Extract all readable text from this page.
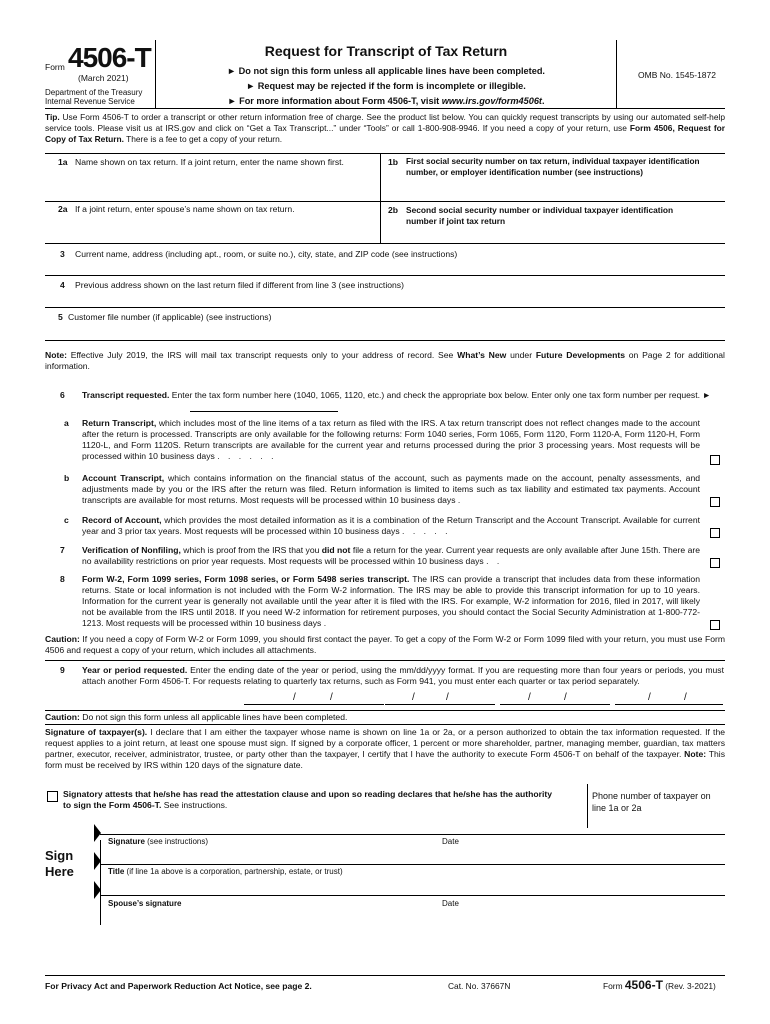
Form 4506-T
(March 2021)
Department of the Treasury
Internal Revenue Service
Request for Transcript of Tax Return
► Do not sign this form unless all applicable lines have been completed.
► Request may be rejected if the form is incomplete or illegible.
► For more information about Form 4506-T, visit www.irs.gov/form4506t.
OMB No. 1545-1872
Tip. Use Form 4506-T to order a transcript or other return information free of charge. See the product list below. You can quickly request transcripts by using our automated self-help service tools. Please visit us at IRS.gov and click on “Get a Tax Transcript...” under “Tools” or call 1-800-908-9946. If you need a copy of your return, use Form 4506, Request for Copy of Tax Return. There is a fee to get a copy of your return.
1a Name shown on tax return. If a joint return, enter the name shown first.	1b First social security number on tax return, individual taxpayer identification number, or employer identification number (see instructions)
2a If a joint return, enter spouse’s name shown on tax return.	2b Second social security number or individual taxpayer identification number if joint tax return
3 Current name, address (including apt., room, or suite no.), city, state, and ZIP code (see instructions)
4 Previous address shown on the last return filed if different from line 3 (see instructions)
5 Customer file number (if applicable) (see instructions)
Note: Effective July 2019, the IRS will mail tax transcript requests only to your address of record. See What’s New under Future Developments on Page 2 for additional information.
6 Transcript requested. Enter the tax form number here (1040, 1065, 1120, etc.) and check the appropriate box below. Enter only one tax form number per request. ►
a Return Transcript, which includes most of the line items of a tax return as filed with the IRS. A tax return transcript does not reflect changes made to the account after the return is processed. Transcripts are only available for the following returns: Form 1040 series, Form 1065, Form 1120, Form 1120-A, Form 1120-H, Form 1120-L, and Form 1120S. Return transcripts are available for the current year and returns processed during the prior 3 processing years. Most requests will be processed within 10 business days . . . . . .
b Account Transcript, which contains information on the financial status of the account, such as payments made on the account, penalty assessments, and adjustments made by you or the IRS after the return was filed. Return information is limited to items such as tax liability and estimated tax payments. Account transcripts are available for most returns. Most requests will be processed within 10 business days .
c Record of Account, which provides the most detailed information as it is a combination of the Return Transcript and the Account Transcript. Available for current year and 3 prior tax years. Most requests will be processed within 10 business days . . . . .
7 Verification of Nonfiling, which is proof from the IRS that you did not file a return for the year. Current year requests are only available after June 15th. There are no availability restrictions on prior year requests. Most requests will be processed within 10 business days . .
8 Form W-2, Form 1099 series, Form 1098 series, or Form 5498 series transcript. The IRS can provide a transcript that includes data from these information returns. State or local information is not included with the Form W-2 information. The IRS may be able to provide this transcript information for up to 10 years. Information for the current year is generally not available until the year after it is filed with the IRS. For example, W-2 information for 2016, filed in 2017, will likely not be available from the IRS until 2018. If you need W-2 information for retirement purposes, you should contact the Social Security Administration at 1-800-772-1213. Most requests will be processed within 10 business days .
Caution: If you need a copy of Form W-2 or Form 1099, you should first contact the payer. To get a copy of the Form W-2 or Form 1099 filed with your return, you must use Form 4506 and request a copy of your return, which includes all attachments.
9 Year or period requested. Enter the ending date of the year or period, using the mm/dd/yyyy format. If you are requesting more than four years or periods, you must attach another Form 4506-T. For requests relating to quarterly tax returns, such as Form 941, you must enter each quarter or tax period separately.
/	/	/	/	/	/	/	/
Caution: Do not sign this form unless all applicable lines have been completed.
Signature of taxpayer(s). I declare that I am either the taxpayer whose name is shown on line 1a or 2a, or a person authorized to obtain the tax information requested. If the request applies to a joint return, at least one spouse must sign. If signed by a corporate officer, 1 percent or more shareholder, partner, managing member, guardian, tax matters partner, executor, receiver, administrator, trustee, or party other than the taxpayer, I certify that I have the authority to execute Form 4506-T on behalf of the taxpayer. Note: This form must be received by IRS within 120 days of the signature date.
Signatory attests that he/she has read the attestation clause and upon so reading declares that he/she has the authority to sign the Form 4506-T. See instructions.
Phone number of taxpayer on line 1a or 2a
Sign
Here
Signature (see instructions)	Date
Title (if line 1a above is a corporation, partnership, estate, or trust)
Spouse’s signature	Date
For Privacy Act and Paperwork Reduction Act Notice, see page 2.	Cat. No. 37667N	Form 4506-T (Rev. 3-2021)
